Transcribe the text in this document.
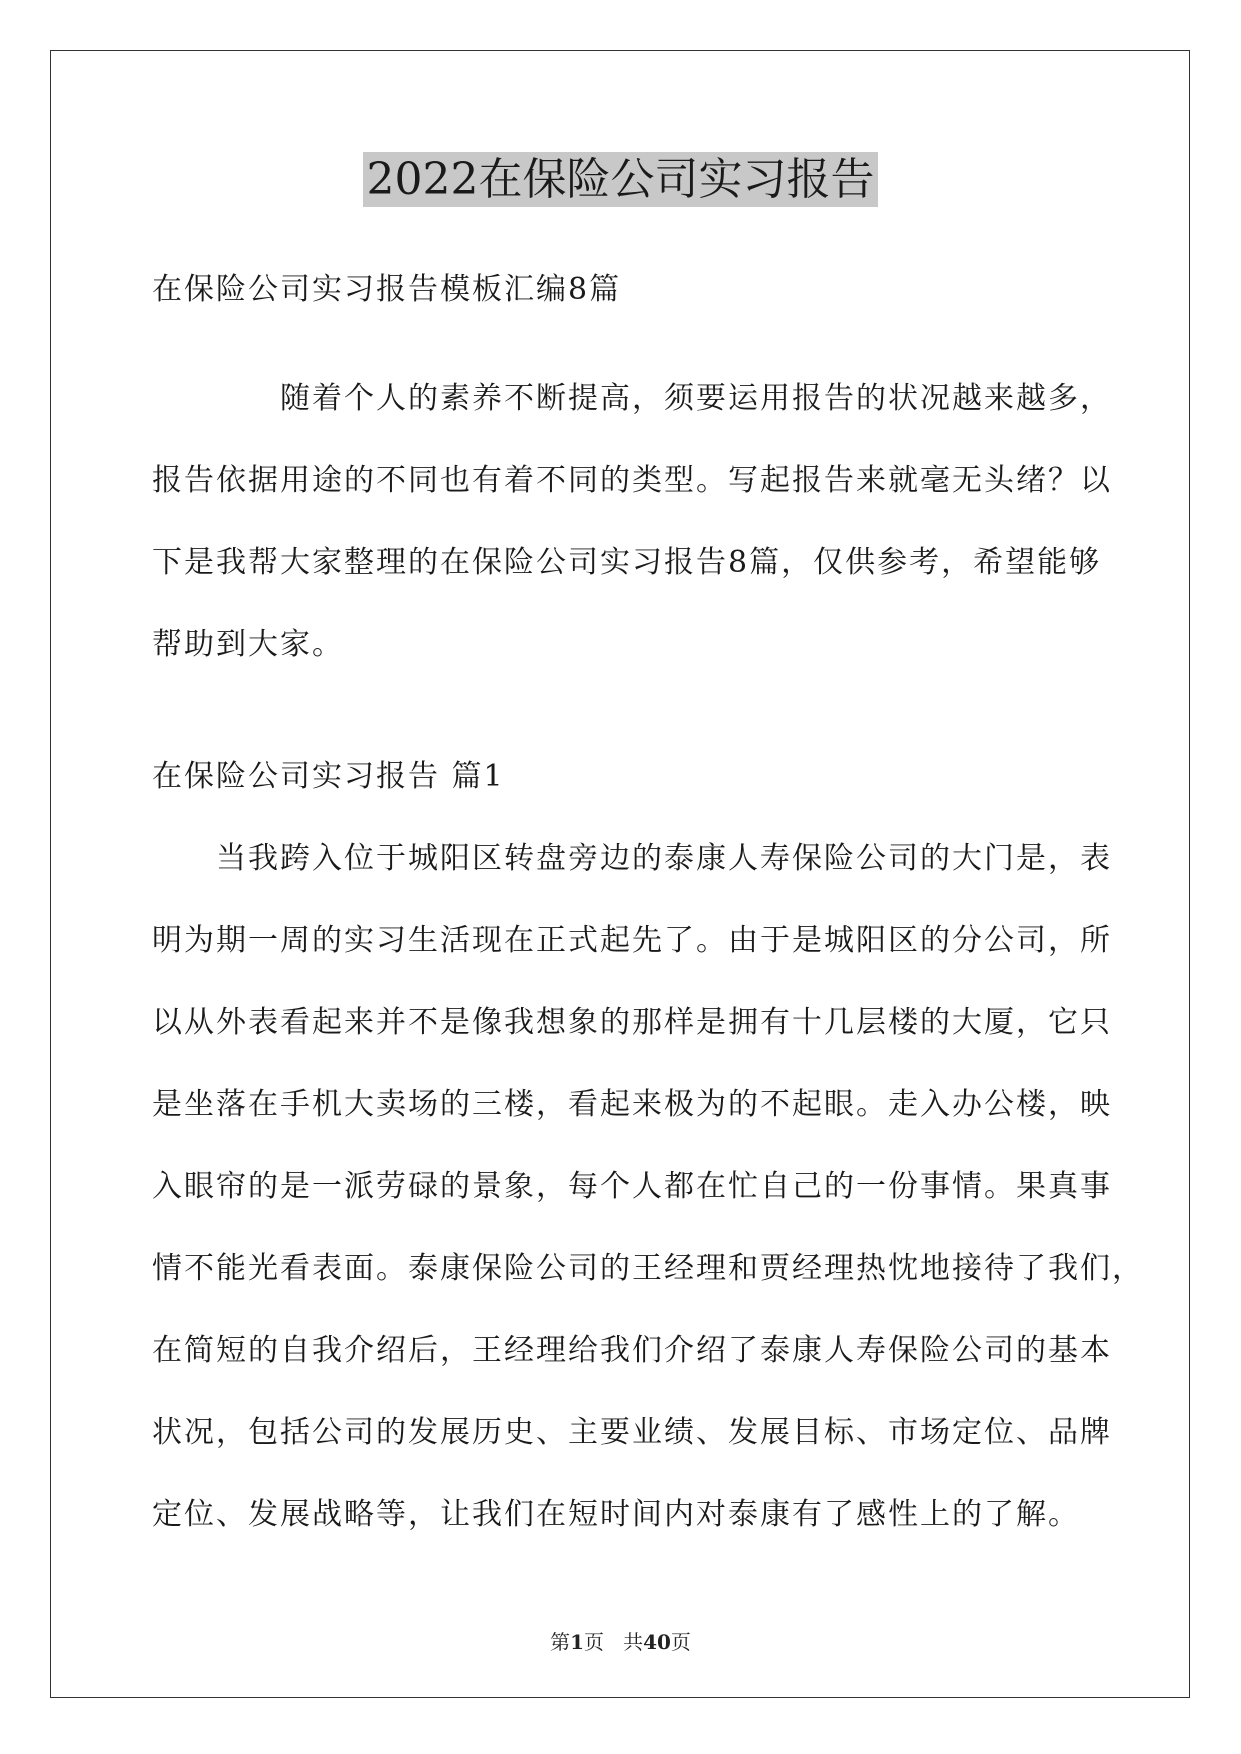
2022在保险公司实习报告
在保险公司实习报告模板汇编8篇
　　　　随着个人的素养不断提高，须要运用报告的状况越来越多，
报告依据用途的不同也有着不同的类型。写起报告来就毫无头绪？以
下是我帮大家整理的在保险公司实习报告8篇，仅供参考，希望能够
帮助到大家。
在保险公司实习报告 篇1
　　当我跨入位于城阳区转盘旁边的泰康人寿保险公司的大门是，表
明为期一周的实习生活现在正式起先了。由于是城阳区的分公司，所
以从外表看起来并不是像我想象的那样是拥有十几层楼的大厦，它只
是坐落在手机大卖场的三楼，看起来极为的不起眼。走入办公楼，映
入眼帘的是一派劳碌的景象，每个人都在忙自己的一份事情。果真事
情不能光看表面。泰康保险公司的王经理和贾经理热忱地接待了我们，
在简短的自我介绍后，王经理给我们介绍了泰康人寿保险公司的基本
状况，包括公司的发展历史、主要业绩、发展目标、市场定位、品牌
定位、发展战略等，让我们在短时间内对泰康有了感性上的了解。
第1页 共40页
